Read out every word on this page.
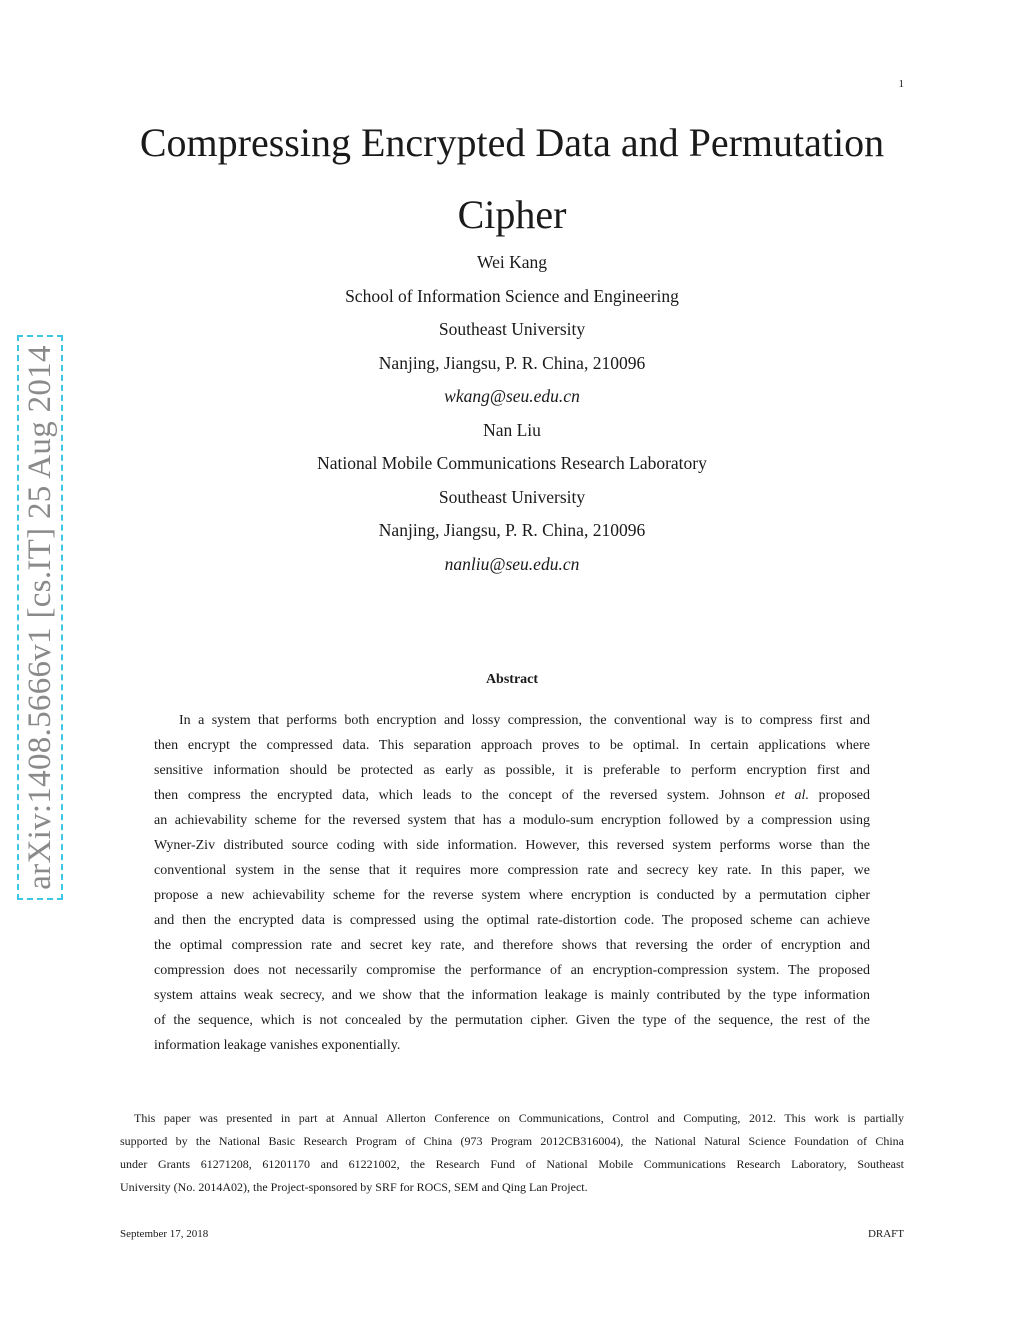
1
arXiv:1408.5666v1 [cs.IT] 25 Aug 2014
Compressing Encrypted Data and Permutation
Cipher
Wei Kang
School of Information Science and Engineering
Southeast University
Nanjing, Jiangsu, P. R. China, 210096
wkang@seu.edu.cn
Nan Liu
National Mobile Communications Research Laboratory
Southeast University
Nanjing, Jiangsu, P. R. China, 210096
nanliu@seu.edu.cn
Abstract
In a system that performs both encryption and lossy compression, the conventional way is to compress first and
then encrypt the compressed data. This separation approach proves to be optimal. In certain applications where
sensitive information should be protected as early as possible, it is preferable to perform encryption first and
then compress the encrypted data, which leads to the concept of the reversed system. Johnson et al. proposed
an achievability scheme for the reversed system that has a modulo-sum encryption followed by a compression using
Wyner-Ziv distributed source coding with side information. However, this reversed system performs worse than the
conventional system in the sense that it requires more compression rate and secrecy key rate. In this paper, we
propose a new achievability scheme for the reverse system where encryption is conducted by a permutation cipher
and then the encrypted data is compressed using the optimal rate-distortion code. The proposed scheme can achieve
the optimal compression rate and secret key rate, and therefore shows that reversing the order of encryption and
compression does not necessarily compromise the performance of an encryption-compression system. The proposed
system attains weak secrecy, and we show that the information leakage is mainly contributed by the type information
of the sequence, which is not concealed by the permutation cipher. Given the type of the sequence, the rest of the
information leakage vanishes exponentially.
This paper was presented in part at Annual Allerton Conference on Communications, Control and Computing, 2012. This work is partially
supported by the National Basic Research Program of China (973 Program 2012CB316004), the National Natural Science Foundation of China
under Grants 61271208, 61201170 and 61221002, the Research Fund of National Mobile Communications Research Laboratory, Southeast
University (No. 2014A02), the Project-sponsored by SRF for ROCS, SEM and Qing Lan Project.
September 17, 2018	DRAFT
